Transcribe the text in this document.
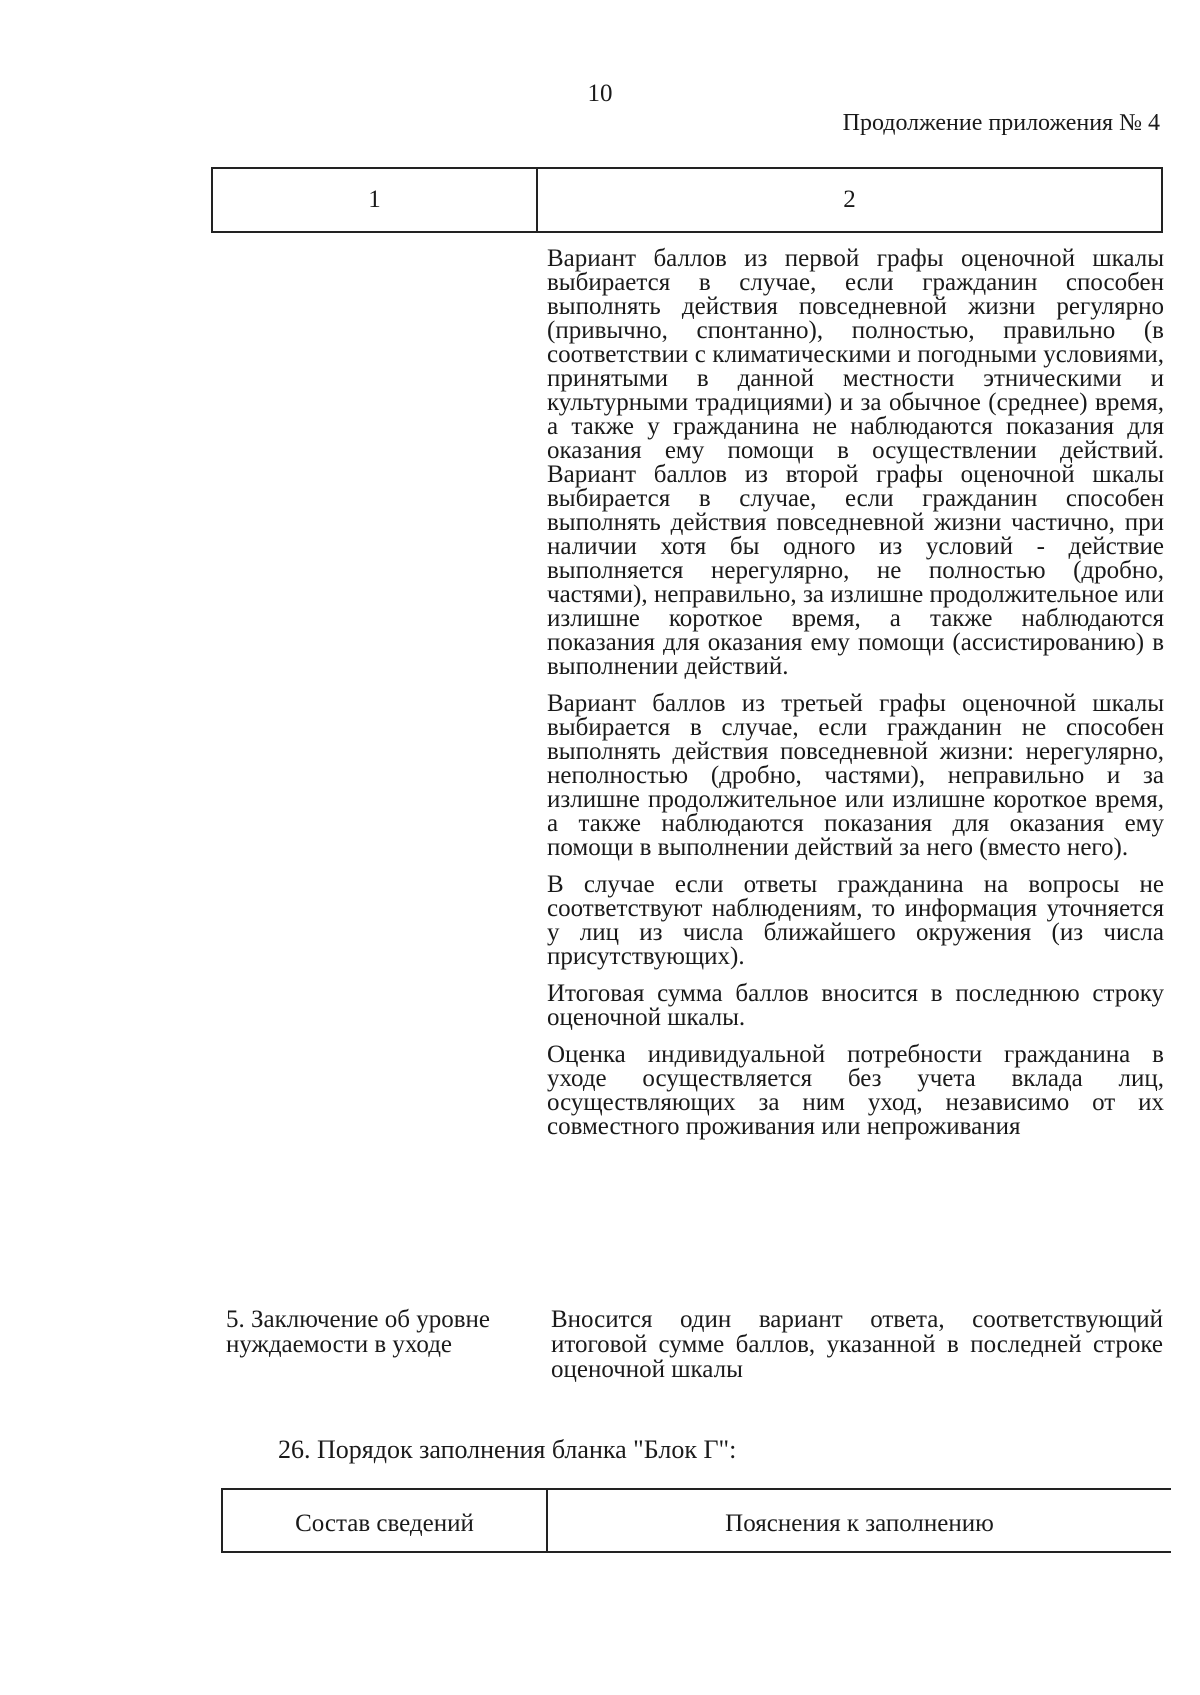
10
Продолжение приложения № 4
1	2

Вариант баллов из первой графы оценочной шкалы выбирается в случае, если гражданин способен выполнять действия повседневной жизни регулярно (привычно, спонтанно), полностью, правильно (в соответствии с климатическими и погодными условиями, принятыми в данной местности этническими и культурными традициями) и за обычное (среднее) время, а также у гражданина не наблюдаются показания для оказания ему помощи в осуществлении действий. Вариант баллов из второй графы оценочной шкалы выбирается в случае, если гражданин способен выполнять действия повседневной жизни частично, при наличии хотя бы одного из условий - действие выполняется нерегулярно, не полностью (дробно, частями), неправильно, за излишне продолжительное или излишне короткое время, а также наблюдаются показания для оказания ему помощи (ассистированию) в выполнении действий.

Вариант баллов из третьей графы оценочной шкалы выбирается в случае, если гражданин не способен выполнять действия повседневной жизни: нерегулярно, неполностью (дробно, частями), неправильно и за излишне продолжительное или излишне короткое время, а также наблюдаются показания для оказания ему помощи в выполнении действий за него (вместо него).

В случае если ответы гражданина на вопросы не соответствуют наблюдениям, то информация уточняется у лиц из числа ближайшего окружения (из числа присутствующих).

Итоговая сумма баллов вносится в последнюю строку оценочной шкалы.

Оценка индивидуальной потребности гражданина в уходе осуществляется без учета вклада лиц, осуществляющих за ним уход, независимо от их совместного проживания или непроживания

5. Заключение об уровне нуждаемости в уходе
Вносится один вариант ответа, соответствующий итоговой сумме баллов, указанной в последней строке оценочной шкалы
26. Порядок заполнения бланка "Блок Г":
Состав сведений	Пояснения к заполнению
